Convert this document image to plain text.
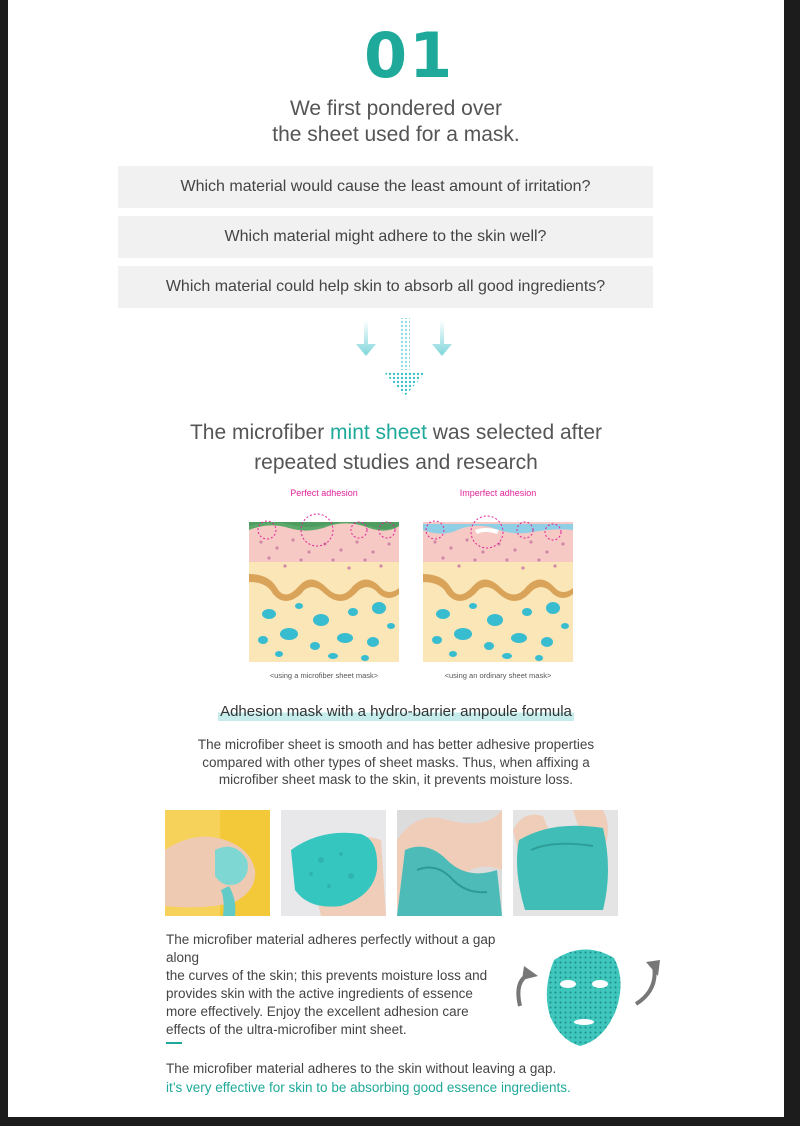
01
We first pondered over
the sheet used for a mask.
Which material would cause the least amount of irritation?
Which material might adhere to the skin well?
Which material could help skin to absorb all good ingredients?
The microfiber mint sheet was selected after
repeated studies and research
Perfect adhesion
<using a microfiber sheet mask>
Imperfect adhesion
<using an ordinary sheet mask>
Adhesion mask with a hydro-barrier ampoule formula
The microfiber sheet is smooth and has better adhesive properties
compared with other types of sheet masks. Thus, when affixing a
microfiber sheet mask to the skin, it prevents moisture loss.
The microfiber material adheres perfectly without a gap along
the curves of the skin; this prevents moisture loss and
provides skin with the active ingredients of essence
more effectively. Enjoy the excellent adhesion care
effects of the ultra-microfiber mint sheet.
The microfiber material adheres to the skin without leaving a gap.
it’s very effective for skin to be absorbing good essence ingredients.
